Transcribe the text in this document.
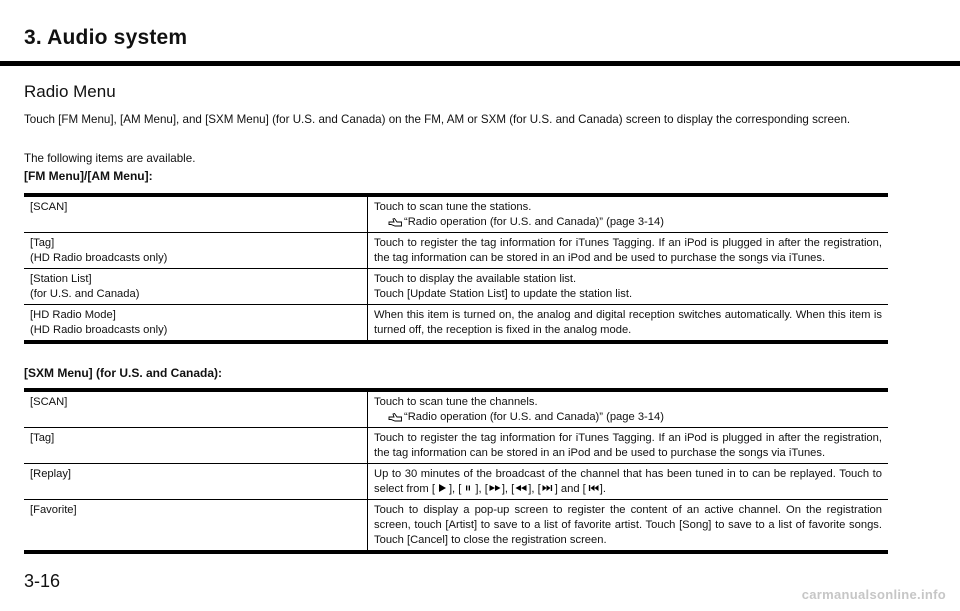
3. Audio system
Radio Menu
Touch [FM Menu], [AM Menu], and [SXM Menu] (for U.S. and Canada) on the FM, AM or SXM (for U.S. and Canada) screen to display the corresponding screen.
The following items are available.
[FM Menu]/[AM Menu]:
[SCAN]	Touch to scan tune the stations.
“Radio operation (for U.S. and Canada)” (page 3-14)

[Tag]
(HD Radio broadcasts only)	Touch to register the tag information for iTunes Tagging. If an iPod is plugged in after the registration, the tag information can be stored in an iPod and be used to purchase the songs via iTunes.
[Station List]
(for U.S. and Canada)	Touch to display the available station list.
Touch [Update Station List] to update the station list.
[HD Radio Mode]
(HD Radio broadcasts only)	When this item is turned on, the analog and digital reception switches automatically. When this item is turned off, the reception is fixed in the analog mode.
[SXM Menu] (for U.S. and Canada):
[SCAN]	Touch to scan tune the channels.
“Radio operation (for U.S. and Canada)” (page 3-14)

[Tag]	Touch to register the tag information for iTunes Tagging. If an iPod is plugged in after the registration, the tag information can be stored in an iPod and be used to purchase the songs via iTunes.
[Replay]	Up to 30 minutes of the broadcast of the channel that has been tuned in to can be replayed. Touch to select from [ ], [ ], [ ], [ ], [ ] and [ ].
[Favorite]	Touch to display a pop-up screen to register the content of an active channel. On the registration screen, touch [Artist] to save to a list of favorite artist. Touch [Song] to save to a list of favorite songs. Touch [Cancel] to close the registration screen.
3-16
carmanualsonline.info
